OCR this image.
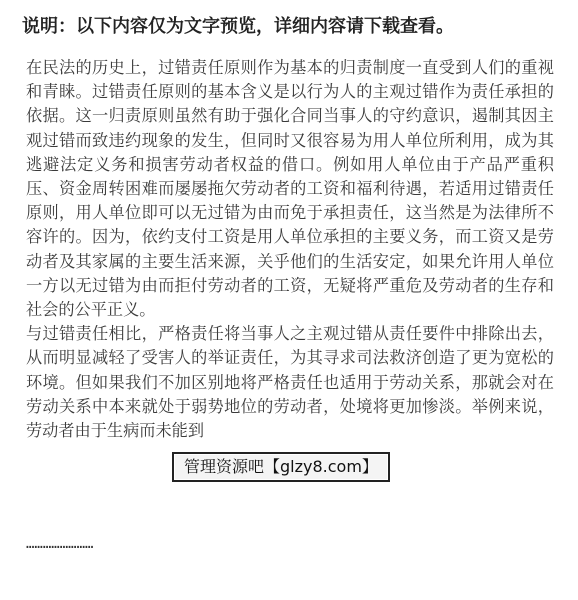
说明：以下内容仅为文字预览，详细内容请下载查看。

在民法的历史上，过错责任原则作为基本的归责制度一直受到人们的重视和青睐。过错责任原则的基本含义是以行为人的主观过错作为责任承担的依据。这一归责原则虽然有助于强化合同当事人的守约意识，遏制其因主观过错而致违约现象的发生，但同时又很容易为用人单位所利用，成为其逃避法定义务和损害劳动者权益的借口。例如用人单位由于产品严重积压、资金周转困难而屡屡拖欠劳动者的工资和福利待遇，若适用过错责任原则，用人单位即可以无过错为由而免于承担责任，这当然是为法律所不容许的。因为，依约支付工资是用人单位承担的主要义务，而工资又是劳动者及其家属的主要生活来源，关乎他们的生活安定，如果允许用人单位一方以无过错为由而拒付劳动者的工资，无疑将严重危及劳动者的生存和社会的公平正义。

与过错责任相比，严格责任将当事人之主观过错从责任要件中排除出去，从而明显减轻了受害人的举证责任，为其寻求司法救济创造了更为宽松的环境。但如果我们不加区别地将严格责任也适用于劳动关系，那就会对在劳动关系中本来就处于弱势地位的劳动者，处境将更加惨淡。举例来说，劳动者由于生病而未能到

……………………
管理资源吧【glzy8.com】
